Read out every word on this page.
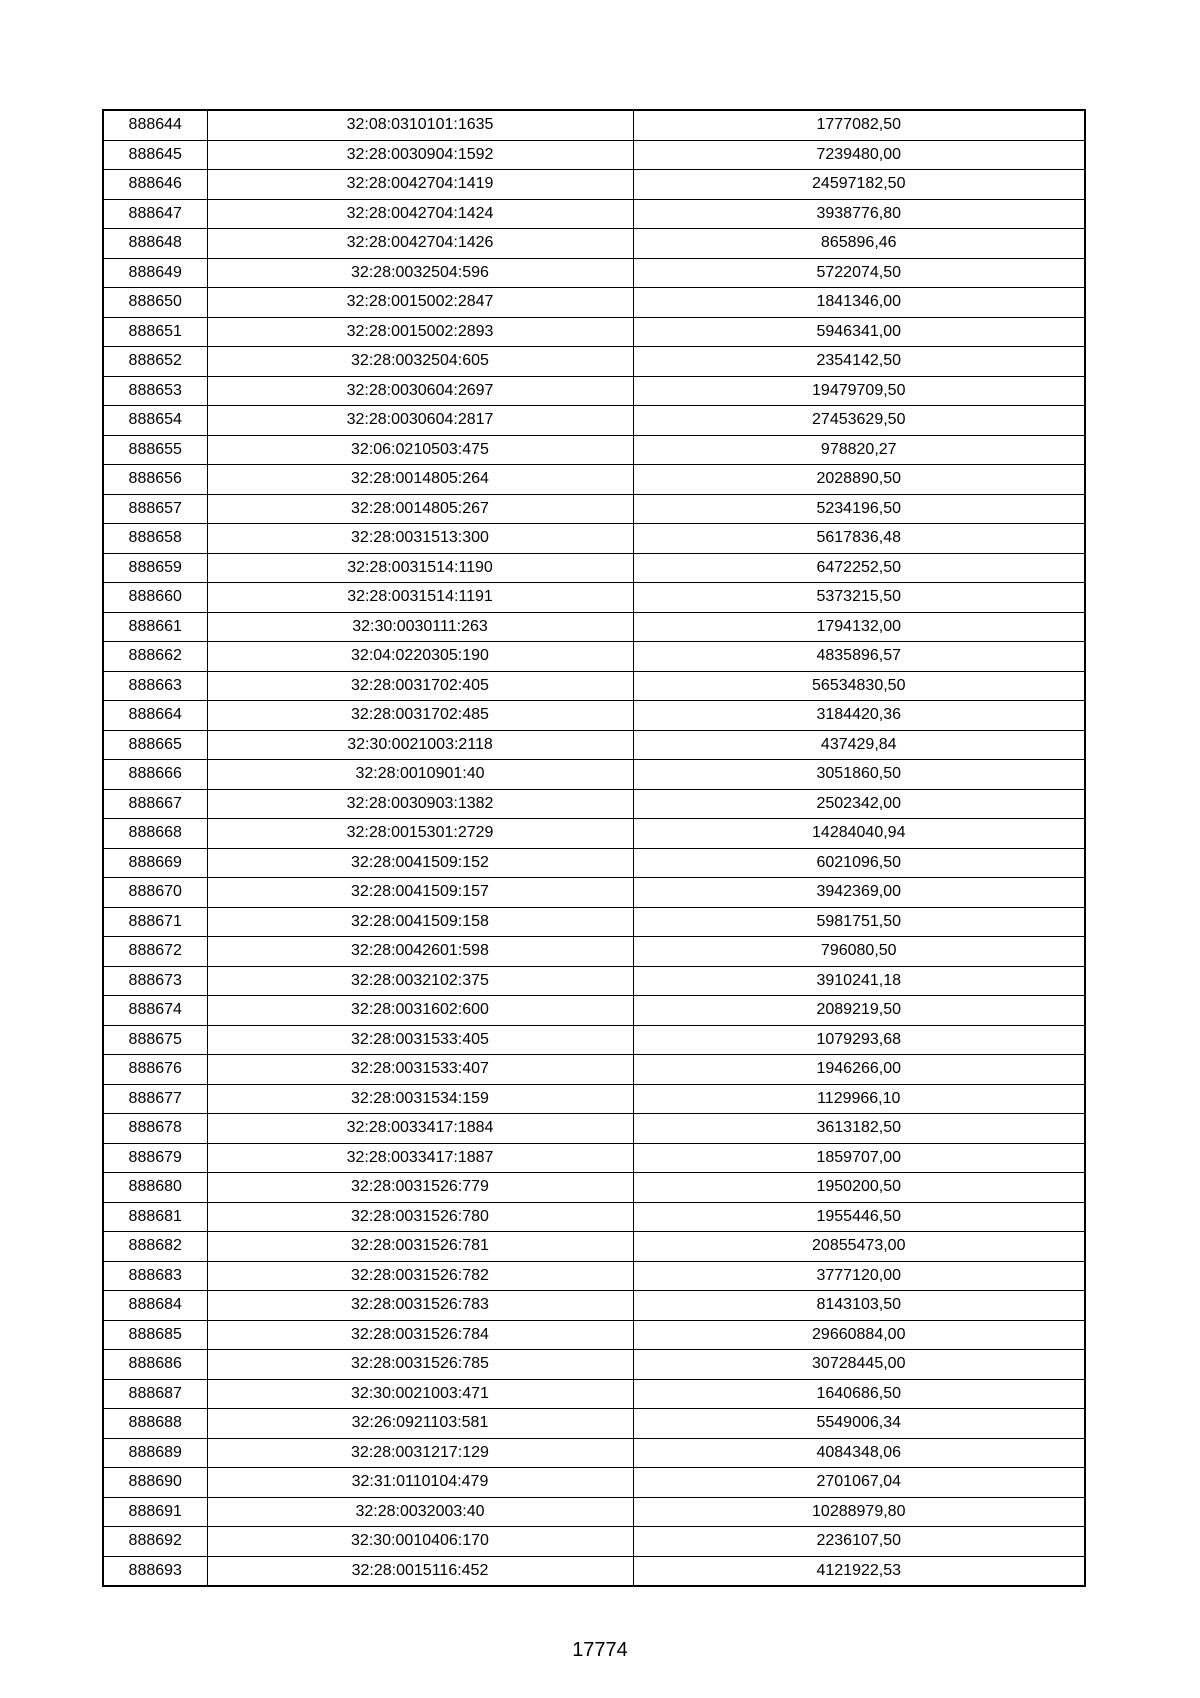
888644	32:08:0310101:1635	1777082,50
888645	32:28:0030904:1592	7239480,00
888646	32:28:0042704:1419	24597182,50
888647	32:28:0042704:1424	3938776,80
888648	32:28:0042704:1426	865896,46
888649	32:28:0032504:596	5722074,50
888650	32:28:0015002:2847	1841346,00
888651	32:28:0015002:2893	5946341,00
888652	32:28:0032504:605	2354142,50
888653	32:28:0030604:2697	19479709,50
888654	32:28:0030604:2817	27453629,50
888655	32:06:0210503:475	978820,27
888656	32:28:0014805:264	2028890,50
888657	32:28:0014805:267	5234196,50
888658	32:28:0031513:300	5617836,48
888659	32:28:0031514:1190	6472252,50
888660	32:28:0031514:1191	5373215,50
888661	32:30:0030111:263	1794132,00
888662	32:04:0220305:190	4835896,57
888663	32:28:0031702:405	56534830,50
888664	32:28:0031702:485	3184420,36
888665	32:30:0021003:2118	437429,84
888666	32:28:0010901:40	3051860,50
888667	32:28:0030903:1382	2502342,00
888668	32:28:0015301:2729	14284040,94
888669	32:28:0041509:152	6021096,50
888670	32:28:0041509:157	3942369,00
888671	32:28:0041509:158	5981751,50
888672	32:28:0042601:598	796080,50
888673	32:28:0032102:375	3910241,18
888674	32:28:0031602:600	2089219,50
888675	32:28:0031533:405	1079293,68
888676	32:28:0031533:407	1946266,00
888677	32:28:0031534:159	1129966,10
888678	32:28:0033417:1884	3613182,50
888679	32:28:0033417:1887	1859707,00
888680	32:28:0031526:779	1950200,50
888681	32:28:0031526:780	1955446,50
888682	32:28:0031526:781	20855473,00
888683	32:28:0031526:782	3777120,00
888684	32:28:0031526:783	8143103,50
888685	32:28:0031526:784	29660884,00
888686	32:28:0031526:785	30728445,00
888687	32:30:0021003:471	1640686,50
888688	32:26:0921103:581	5549006,34
888689	32:28:0031217:129	4084348,06
888690	32:31:0110104:479	2701067,04
888691	32:28:0032003:40	10288979,80
888692	32:30:0010406:170	2236107,50
888693	32:28:0015116:452	4121922,53
17774
